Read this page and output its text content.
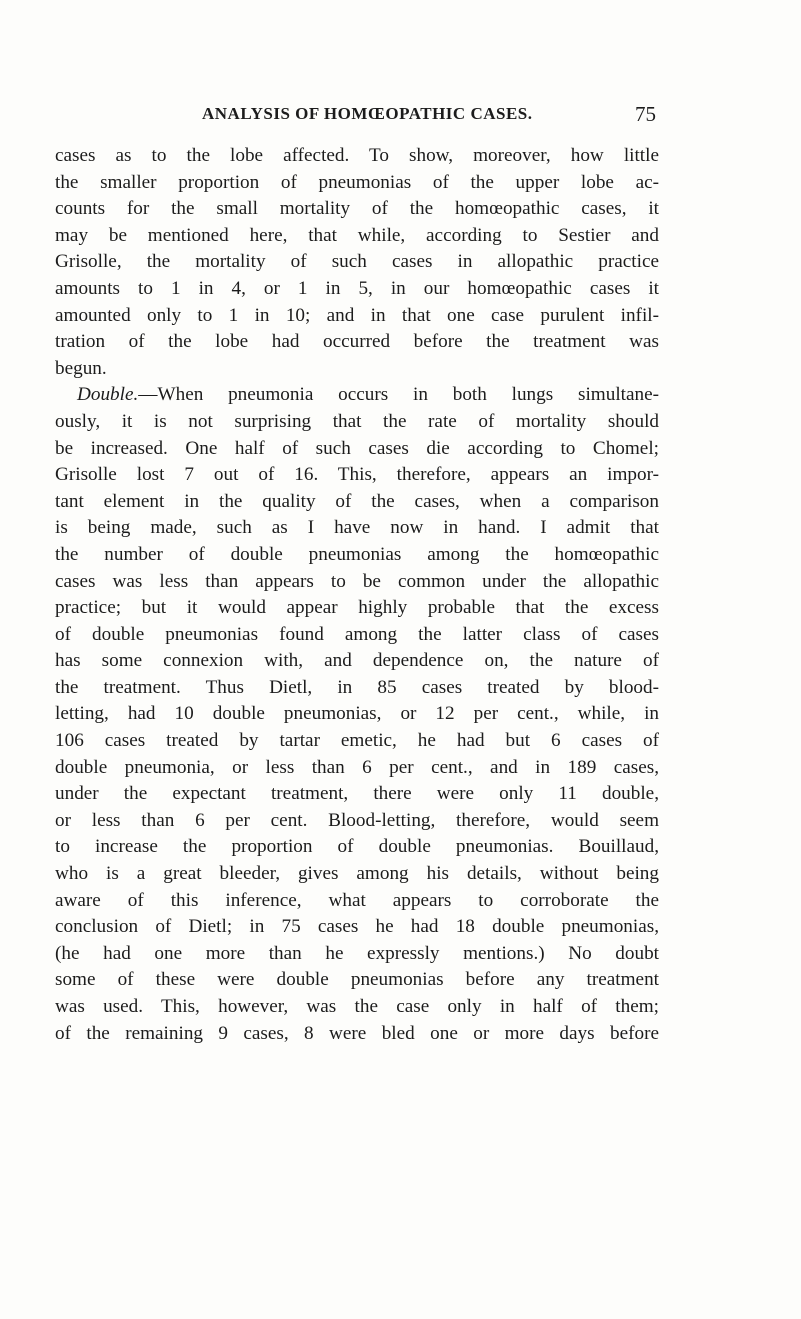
ANALYSIS OF HOMŒOPATHIC CASES.	75
cases as to the lobe affected. To show, moreover, how little
the smaller proportion of pneumonias of the upper lobe ac-
counts for the small mortality of the homœopathic cases, it
may be mentioned here, that while, according to Sestier and
Grisolle, the mortality of such cases in allopathic practice
amounts to 1 in 4, or 1 in 5, in our homœopathic cases it
amounted only to 1 in 10; and in that one case purulent infil-
tration of the lobe had occurred before the treatment was
begun.
Double.—When pneumonia occurs in both lungs simultane-
ously, it is not surprising that the rate of mortality should
be increased. One half of such cases die according to Chomel;
Grisolle lost 7 out of 16. This, therefore, appears an impor-
tant element in the quality of the cases, when a comparison
is being made, such as I have now in hand. I admit that
the number of double pneumonias among the homœopathic
cases was less than appears to be common under the allopathic
practice; but it would appear highly probable that the excess
of double pneumonias found among the latter class of cases
has some connexion with, and dependence on, the nature of
the treatment. Thus Dietl, in 85 cases treated by blood-
letting, had 10 double pneumonias, or 12 per cent., while, in
106 cases treated by tartar emetic, he had but 6 cases of
double pneumonia, or less than 6 per cent., and in 189 cases,
under the expectant treatment, there were only 11 double,
or less than 6 per cent. Blood-letting, therefore, would seem
to increase the proportion of double pneumonias. Bouillaud,
who is a great bleeder, gives among his details, without being
aware of this inference, what appears to corroborate the
conclusion of Dietl; in 75 cases he had 18 double pneumonias,
(he had one more than he expressly mentions.) No doubt
some of these were double pneumonias before any treatment
was used. This, however, was the case only in half of them;
of the remaining 9 cases, 8 were bled one or more days before
